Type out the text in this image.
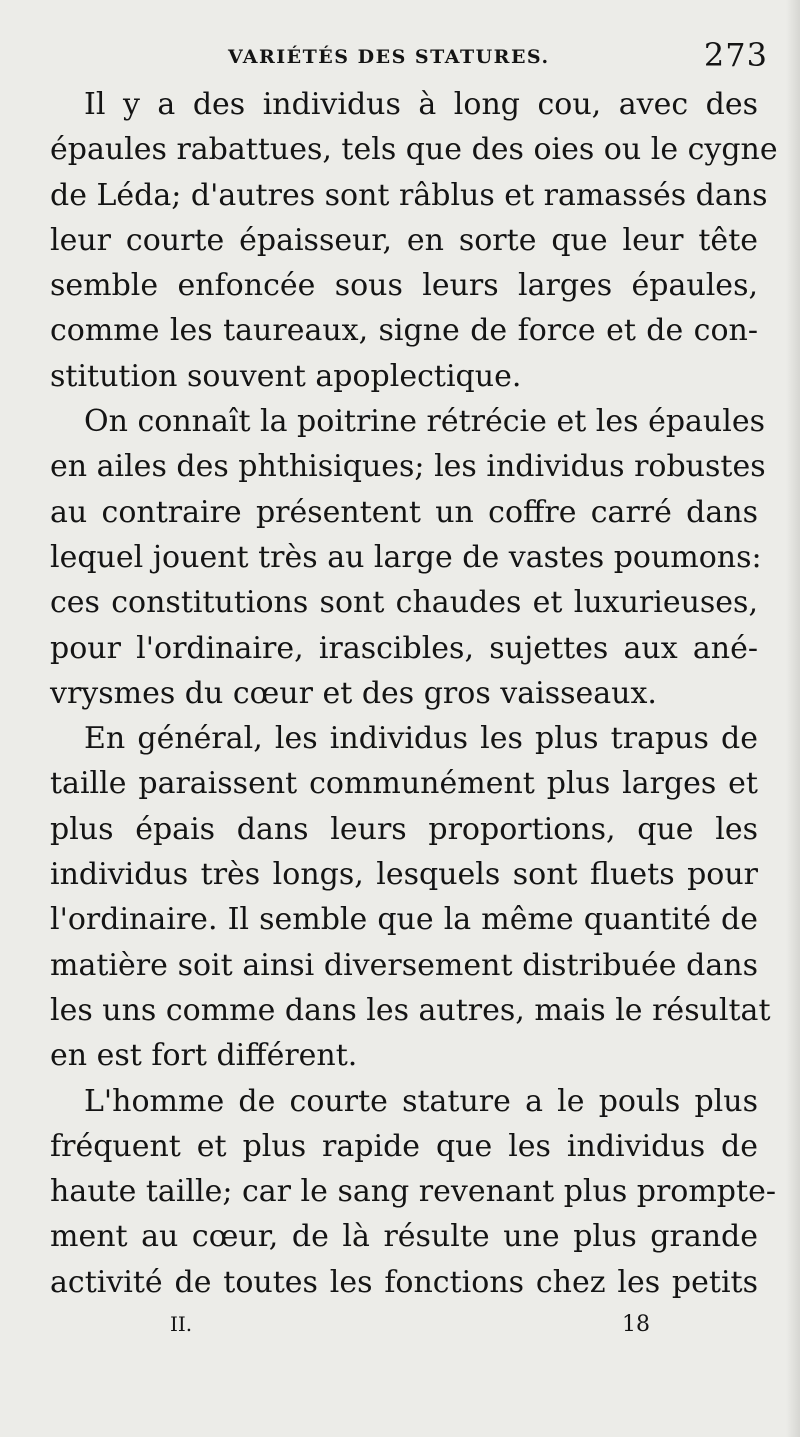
VARIÉTÉS DES STATURES.	273
Il y a des individus à long cou, avec des
épaules rabattues, tels que des oies ou le cygne
de Léda; d'autres sont râblus et ramassés dans
leur courte épaisseur, en sorte que leur tête
semble enfoncée sous leurs larges épaules,
comme les taureaux, signe de force et de con-
stitution souvent apoplectique.
On connaît la poitrine rétrécie et les épaules
en ailes des phthisiques; les individus robustes
au contraire présentent un coffre carré dans
lequel jouent très au large de vastes poumons:
ces constitutions sont chaudes et luxurieuses,
pour l'ordinaire, irascibles, sujettes aux ané-
vrysmes du cœur et des gros vaisseaux.
En général, les individus les plus trapus de
taille paraissent communément plus larges et
plus épais dans leurs proportions, que les
individus très longs, lesquels sont fluets pour
l'ordinaire. Il semble que la même quantité de
matière soit ainsi diversement distribuée dans
les uns comme dans les autres, mais le résultat
en est fort différent.
L'homme de courte stature a le pouls plus
fréquent et plus rapide que les individus de
haute taille; car le sang revenant plus prompte-
ment au cœur, de là résulte une plus grande
activité de toutes les fonctions chez les petits
II.	18
